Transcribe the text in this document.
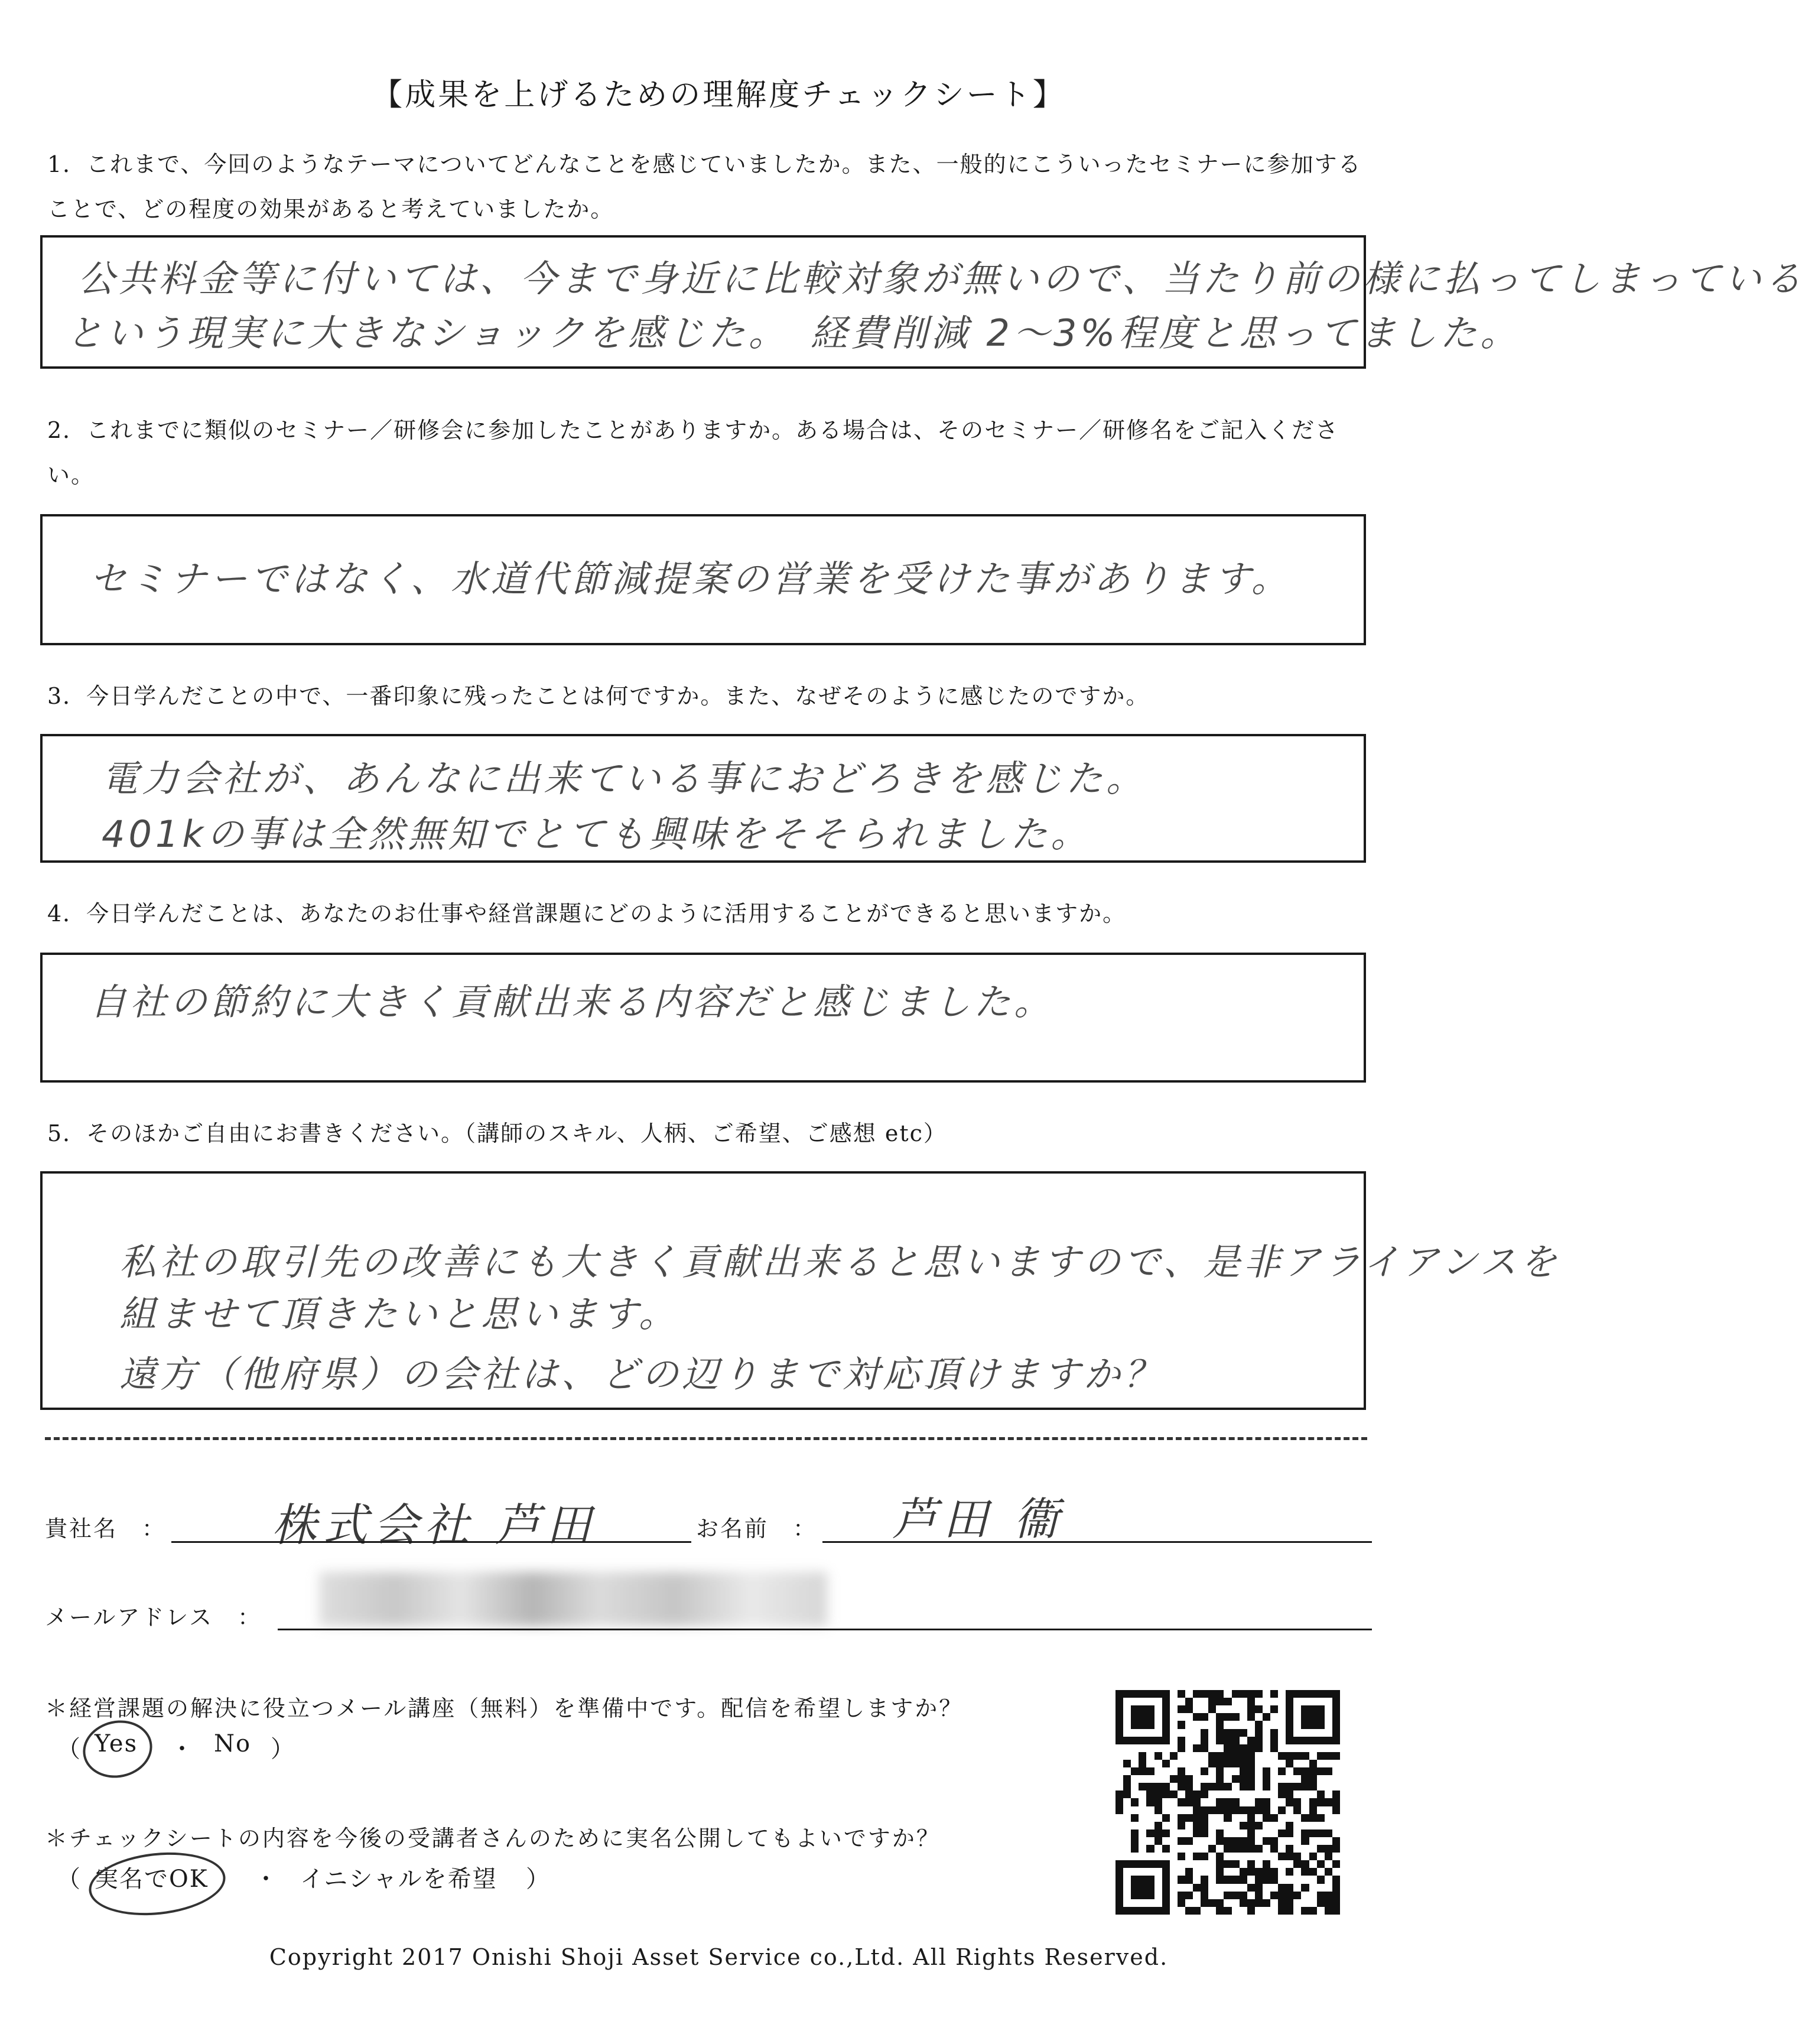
【成果を上げるための理解度チェックシート】
1．これまで、今回のようなテーマについてどんなことを感じていましたか。また、一般的にこういったセミナーに参加することで、どの程度の効果があると考えていましたか。
公共料金等に付いては、今まで身近に比較対象が無いので、当たり前の様に払ってしまっている
という現実に大きなショックを感じた。　経費削減 2～3%程度と思ってました。
2．これまでに類似のセミナー／研修会に参加したことがありますか。ある場合は、そのセミナー／研修名をご記入ください。
セミナーではなく、水道代節減提案の営業を受けた事があります。
3．今日学んだことの中で、一番印象に残ったことは何ですか。また、なぜそのように感じたのですか。
電力会社が、あんなに出来ている事におどろきを感じた。
401kの事は全然無知でとても興味をそそられました。
4．今日学んだことは、あなたのお仕事や経営課題にどのように活用することができると思いますか。
自社の節約に大きく貢献出来る内容だと感じました。
5．そのほかご自由にお書きください。（講師のスキル、人柄、ご希望、ご感想 etc）
私社の取引先の改善にも大きく貢献出来ると思いますので、是非アライアンスを
組ませて頂きたいと思います。
遠方（他府県）の会社は、どの辺りまで対応頂けますか？
貴社名　： 株式会社 芦田	お名前　： 芦田 衞
メールアドレス　：
＊経営課題の解決に役立つメール講座（無料）を準備中です。配信を希望しますか？
（ Yes ・ No ）
＊チェックシートの内容を今後の受講者さんのために実名公開してもよいですか？
（ 実名でOK ・ イニシャルを希望 ）
Copyright 2017 Onishi Shoji Asset Service co.,Ltd. All Rights Reserved.
